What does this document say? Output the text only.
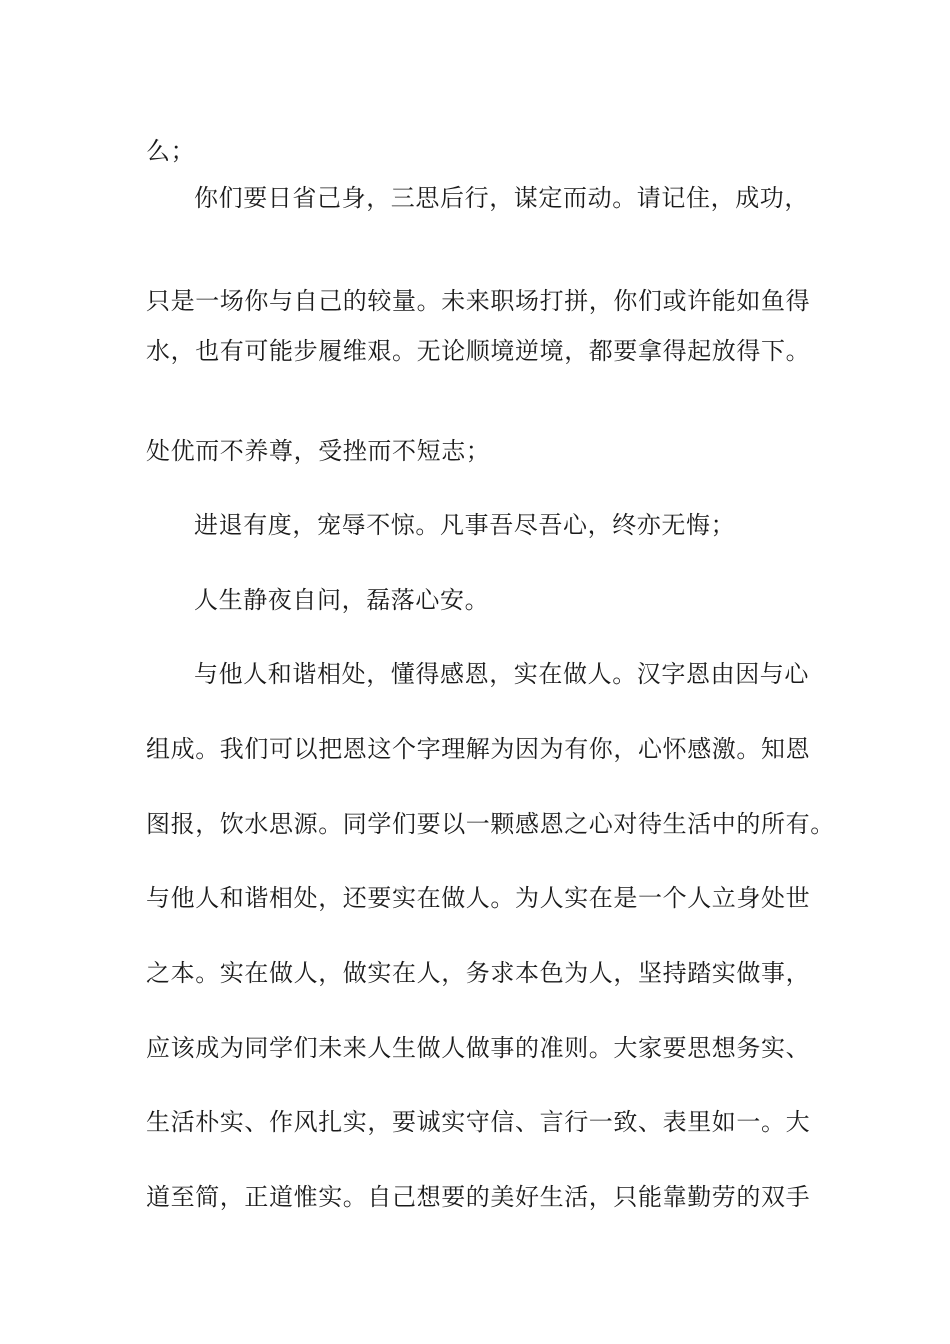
么；
你们要日省己身，三思后行，谋定而动。请记住，成功，
只是一场你与自己的较量。未来职场打拼，你们或许能如鱼得
水，也有可能步履维艰。无论顺境逆境，都要拿得起放得下。
处优而不养尊，受挫而不短志；
进退有度，宠辱不惊。凡事吾尽吾心，终亦无悔；
人生静夜自问，磊落心安。
与他人和谐相处，懂得感恩，实在做人。汉字恩由因与心
组成。我们可以把恩这个字理解为因为有你，心怀感激。知恩
图报，饮水思源。同学们要以一颗感恩之心对待生活中的所有。
与他人和谐相处，还要实在做人。为人实在是一个人立身处世
之本。实在做人，做实在人，务求本色为人，坚持踏实做事，
应该成为同学们未来人生做人做事的准则。大家要思想务实、
生活朴实、作风扎实，要诚实守信、言行一致、表里如一。大
道至简，正道惟实。自己想要的美好生活，只能靠勤劳的双手
